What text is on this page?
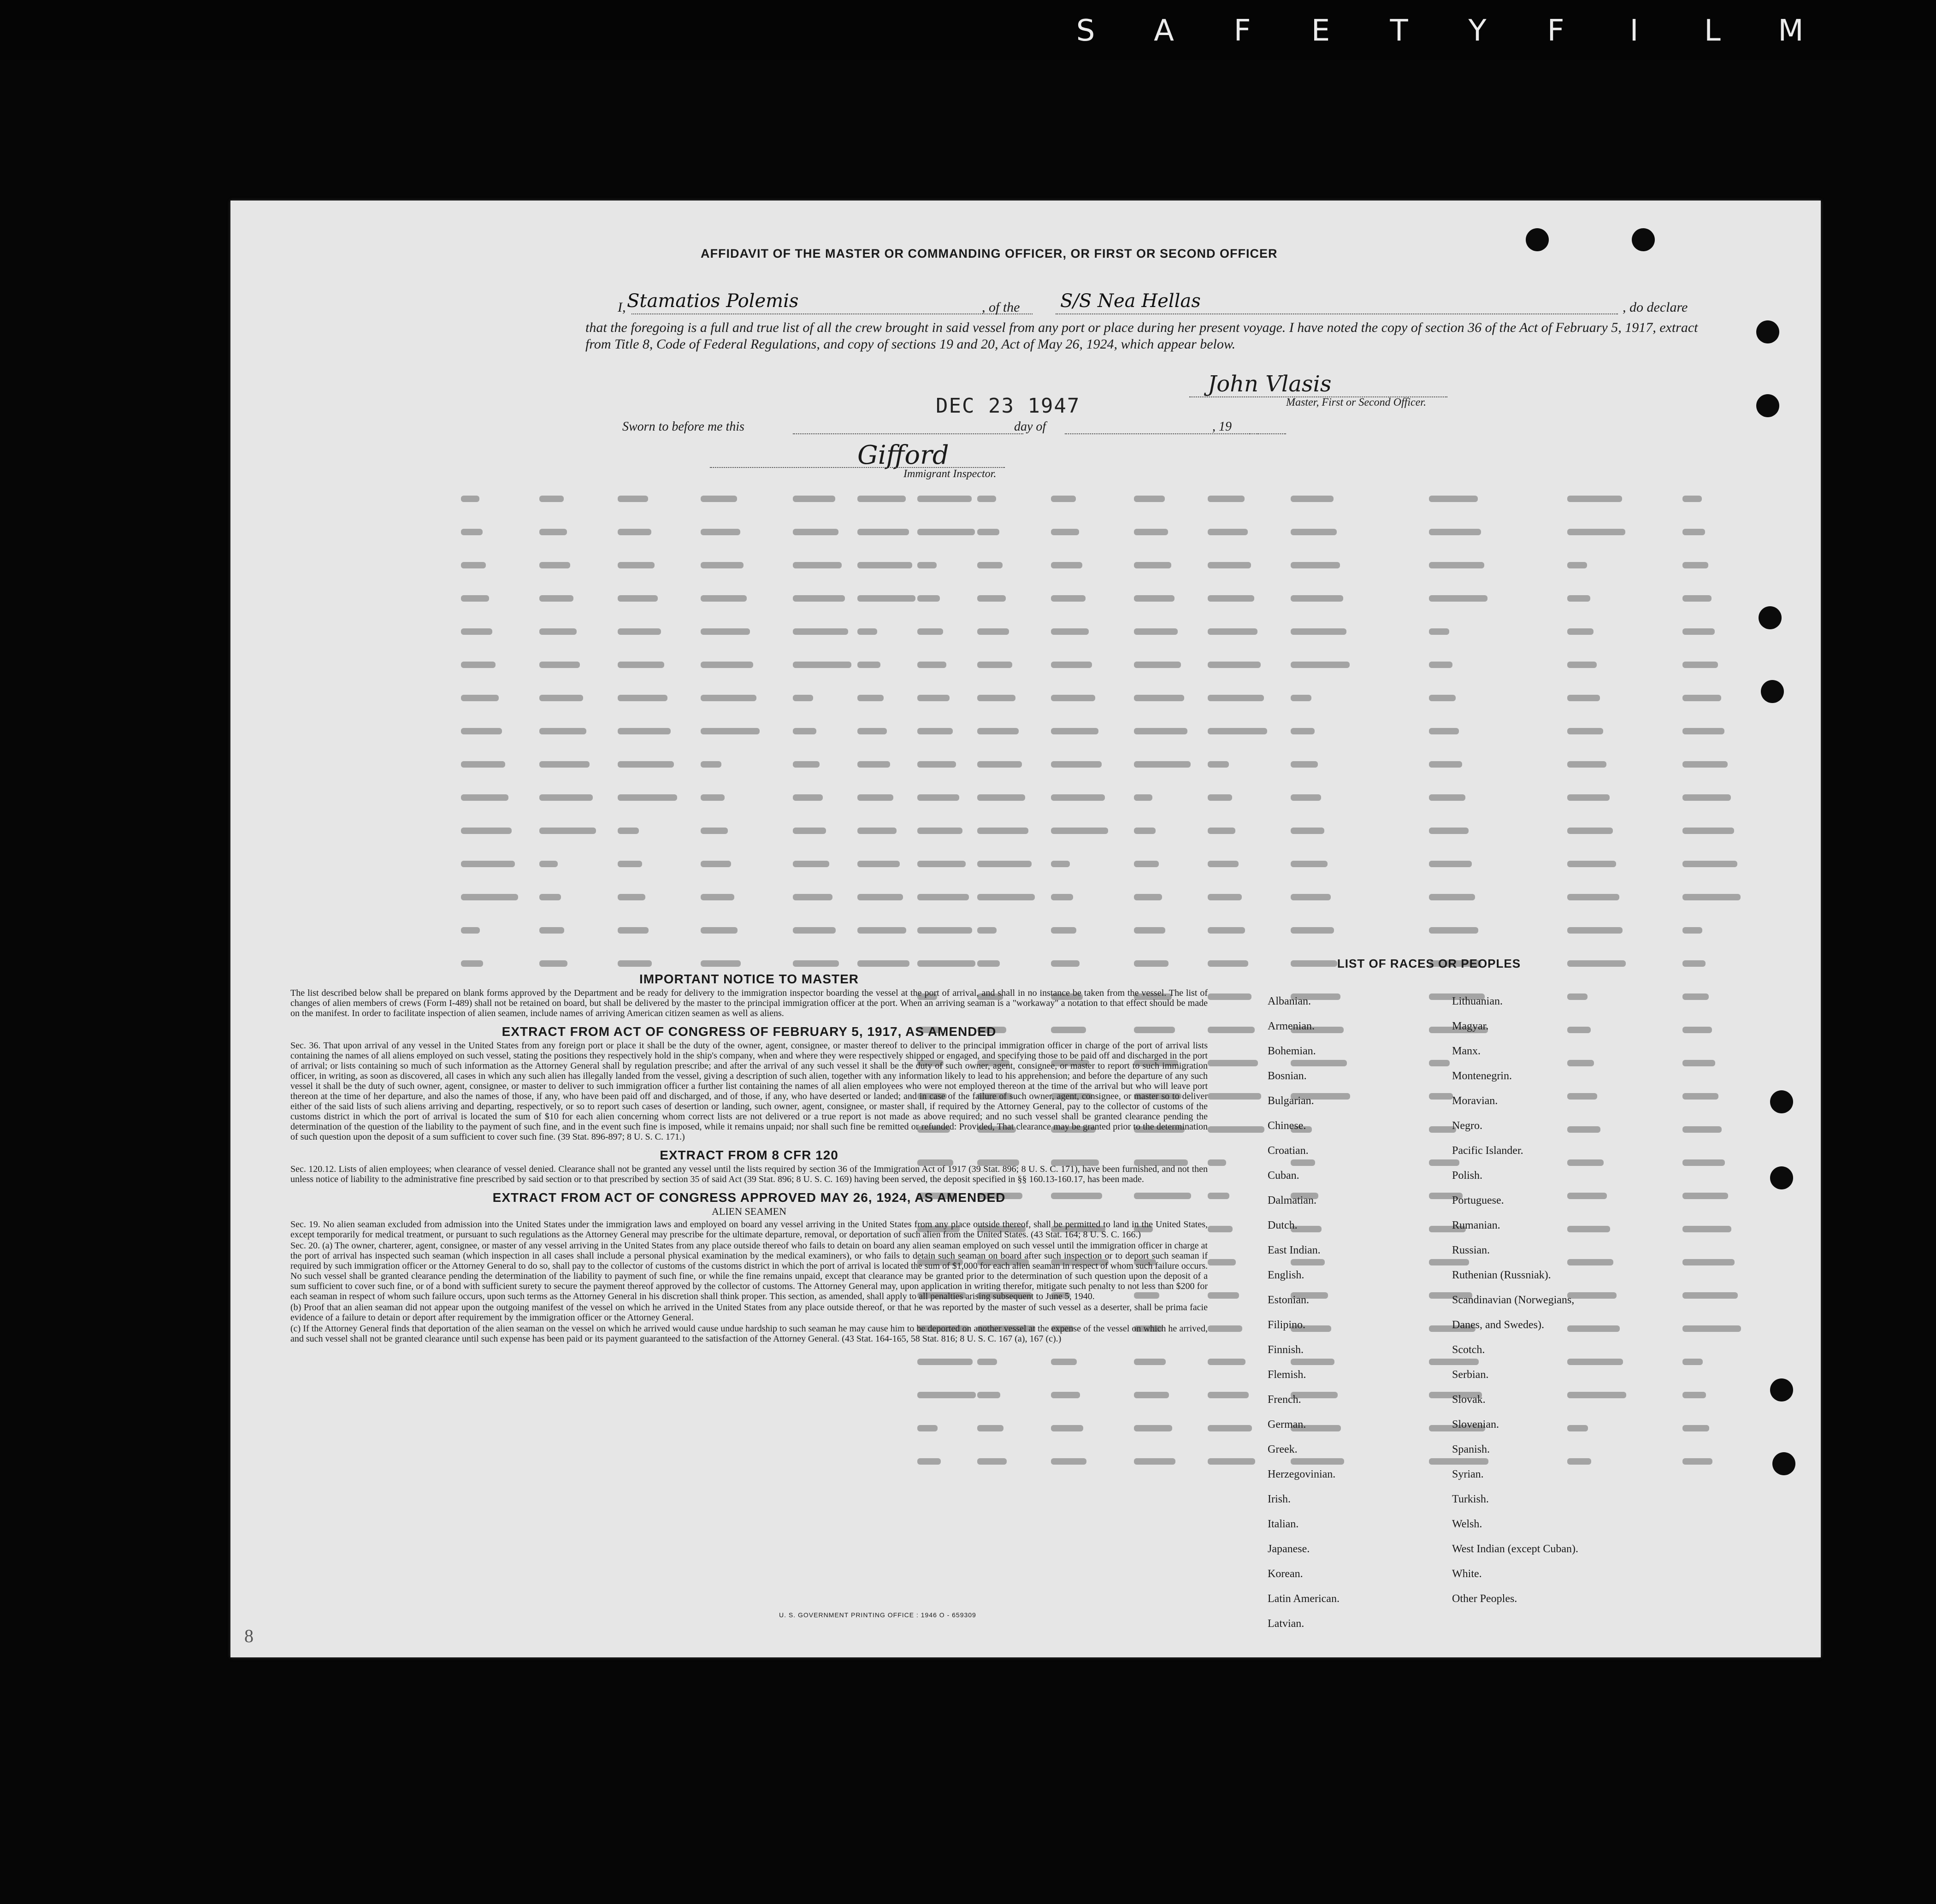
S A F E T Y F I L M
AFFIDAVIT OF THE MASTER OR COMMANDING OFFICER, OR FIRST OR SECOND OFFICER
I, Stamatios Polemis	, of the S/S Nea Hellas	, do declare
that the foregoing is a full and true list of all the crew brought in said vessel from any port or place during her present voyage. I have noted the copy of section 36 of the Act of February 5, 1917, extract from Title 8, Code of Federal Regulations, and copy of sections 19 and 20, Act of May 26, 1924, which appear below.
John Vlasis
Master, First or Second Officer.
Sworn to before me this
DEC 23 1947
day of	, 19
Gifford
Immigrant Inspector.
IMPORTANT NOTICE TO MASTER

The list described below shall be prepared on blank forms approved by the Department and be ready for delivery to the immigration inspector boarding the vessel at the port of arrival, and shall in no instance be taken from the vessel. The list of changes of alien members of crews (Form I-489) shall not be retained on board, but shall be delivered by the master to the principal immigration officer at the port. When an arriving seaman is a "workaway" a notation to that effect should be made on the manifest. In order to facilitate inspection of alien seamen, include names of arriving American citizen seamen as well as aliens.

EXTRACT FROM ACT OF CONGRESS OF FEBRUARY 5, 1917, AS AMENDED

Sec. 36. That upon arrival of any vessel in the United States from any foreign port or place it shall be the duty of the owner, agent, consignee, or master thereof to deliver to the principal immigration officer in charge of the port of arrival lists containing the names of all aliens employed on such vessel, stating the positions they respectively hold in the ship's company, when and where they were respectively shipped or engaged, and specifying those to be paid off and discharged in the port of arrival; or lists containing so much of such information as the Attorney General shall by regulation prescribe; and after the arrival of any such vessel it shall be the duty of such owner, agent, consignee, or master to report to such immigration officer, in writing, as soon as discovered, all cases in which any such alien has illegally landed from the vessel, giving a description of such alien, together with any information likely to lead to his apprehension; and before the departure of any such vessel it shall be the duty of such owner, agent, consignee, or master to deliver to such immigration officer a further list containing the names of all alien employees who were not employed thereon at the time of the arrival but who will leave port thereon at the time of her departure, and also the names of those, if any, who have been paid off and discharged, and of those, if any, who have deserted or landed; and in case of the failure of such owner, agent, consignee, or master so to deliver either of the said lists of such aliens arriving and departing, respectively, or so to report such cases of desertion or landing, such owner, agent, consignee, or master shall, if required by the Attorney General, pay to the collector of customs of the customs district in which the port of arrival is located the sum of $10 for each alien concerning whom correct lists are not delivered or a true report is not made as above required; and no such vessel shall be granted clearance pending the determination of the question of the liability to the payment of such fine, and in the event such fine is imposed, while it remains unpaid; nor shall such fine be remitted or refunded: Provided, That clearance may be granted prior to the determination of such question upon the deposit of a sum sufficient to cover such fine. (39 Stat. 896-897; 8 U. S. C. 171.)

EXTRACT FROM 8 CFR 120

Sec. 120.12. Lists of alien employees; when clearance of vessel denied. Clearance shall not be granted any vessel until the lists required by section 36 of the Immigration Act of 1917 (39 Stat. 896; 8 U. S. C. 171), have been furnished, and not then unless notice of liability to the administrative fine prescribed by said section or to that prescribed by section 35 of said Act (39 Stat. 896; 8 U. S. C. 169) having been served, the deposit specified in §§ 160.13-160.17, has been made.

EXTRACT FROM ACT OF CONGRESS APPROVED MAY 26, 1924, AS AMENDED
ALIEN SEAMEN

Sec. 19. No alien seaman excluded from admission into the United States under the immigration laws and employed on board any vessel arriving in the United States from any place outside thereof, shall be permitted to land in the United States, except temporarily for medical treatment, or pursuant to such regulations as the Attorney General may prescribe for the ultimate departure, removal, or deportation of such alien from the United States. (43 Stat. 164; 8 U. S. C. 166.)

Sec. 20. (a) The owner, charterer, agent, consignee, or master of any vessel arriving in the United States from any place outside thereof who fails to detain on board any alien seaman employed on such vessel until the immigration officer in charge at the port of arrival has inspected such seaman (which inspection in all cases shall include a personal physical examination by the medical examiners), or who fails to detain such seaman on board after such inspection or to deport such seaman if required by such immigration officer or the Attorney General to do so, shall pay to the collector of customs of the customs district in which the port of arrival is located the sum of $1,000 for each alien seaman in respect of whom such failure occurs. No such vessel shall be granted clearance pending the determination of the liability to payment of such fine, or while the fine remains unpaid, except that clearance may be granted prior to the determination of such question upon the deposit of a sum sufficient to cover such fine, or of a bond with sufficient surety to secure the payment thereof approved by the collector of customs. The Attorney General may, upon application in writing therefor, mitigate such penalty to not less than $200 for each seaman in respect of whom such failure occurs, upon such terms as the Attorney General in his discretion shall think proper. This section, as amended, shall apply to all penalties arising subsequent to June 5, 1940.

(b) Proof that an alien seaman did not appear upon the outgoing manifest of the vessel on which he arrived in the United States from any place outside thereof, or that he was reported by the master of such vessel as a deserter, shall be prima facie evidence of a failure to detain or deport after requirement by the immigration officer or the Attorney General.

(c) If the Attorney General finds that deportation of the alien seaman on the vessel on which he arrived would cause undue hardship to such seaman he may cause him to be deported on another vessel at the expense of the vessel on which he arrived, and such vessel shall not be granted clearance until such expense has been paid or its payment guaranteed to the satisfaction of the Attorney General. (43 Stat. 164-165, 58 Stat. 816; 8 U. S. C. 167 (a), 167 (c).)

LIST OF RACES OR PEOPLES
Albanian.
Armenian.
Bohemian.
Bosnian.
Bulgarian.
Chinese.
Croatian.
Cuban.
Dalmatian.
Dutch.
East Indian.
English.
Estonian.
Filipino.
Finnish.
Flemish.
French.
German.
Greek.
Herzegovinian.
Irish.
Italian.
Japanese.
Korean.
Latin American.
Latvian.
Lithuanian.
Magyar.
Manx.
Montenegrin.
Moravian.
Negro.
Pacific Islander.
Polish.
Portuguese.
Rumanian.
Russian.
Ruthenian (Russniak).
Scandinavian (Norwegians,
Danes, and Swedes).
Scotch.
Serbian.
Slovak.
Slovenian.
Spanish.
Syrian.
Turkish.
Welsh.
West Indian (except Cuban).
White.
Other Peoples.
U. S. GOVERNMENT PRINTING OFFICE : 1946 O - 659309
8
